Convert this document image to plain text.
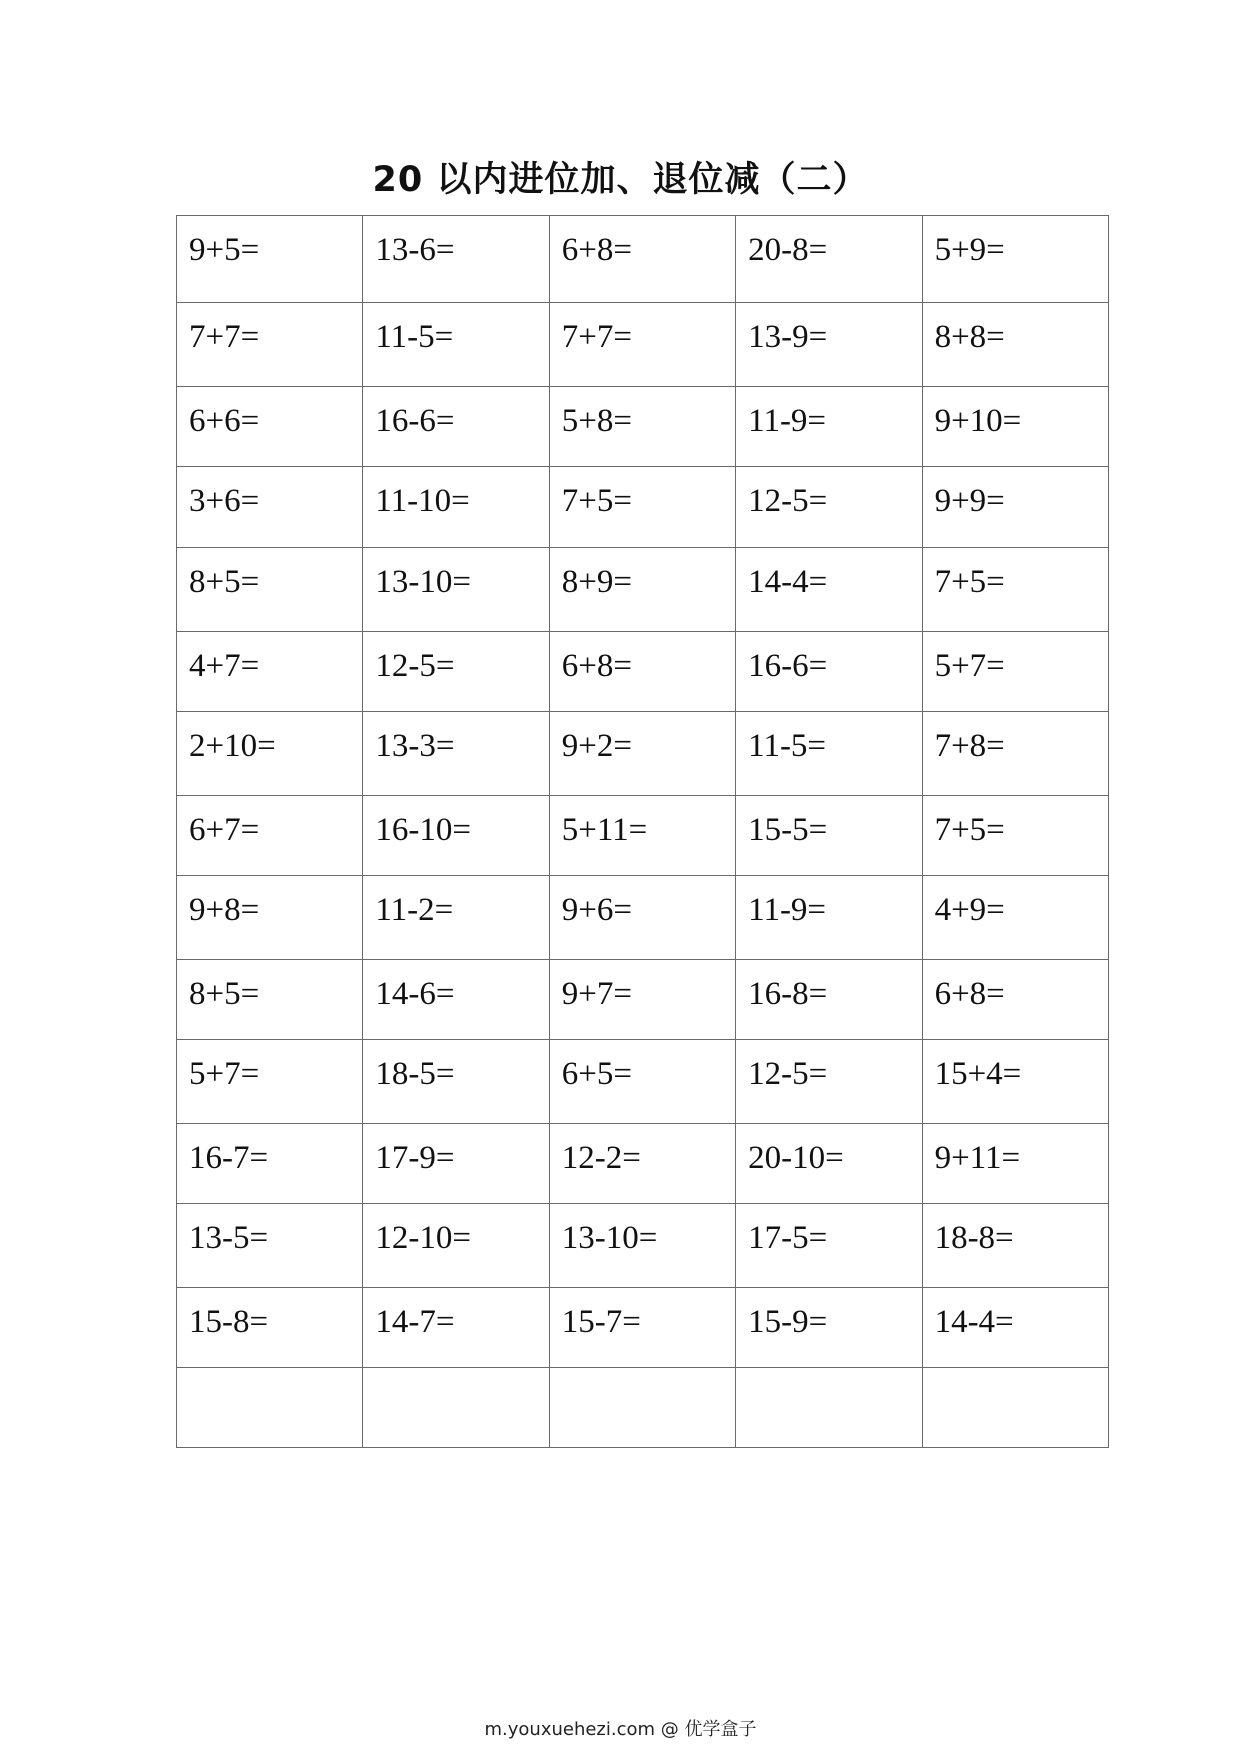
20 以内进位加、退位减（二）
9+5=	13-6=	6+8=	20-8=	5+9=

7+7=	11-5=	7+7=	13-9=	8+8=

6+6=	16-6=	5+8=	11-9=	9+10=

3+6=	11-10=	7+5=	12-5=	9+9=

8+5=	13-10=	8+9=	14-4=	7+5=

4+7=	12-5=	6+8=	16-6=	5+7=

2+10=	13-3=	9+2=	11-5=	7+8=

6+7=	16-10=	5+11=	15-5=	7+5=

9+8=	11-2=	9+6=	11-9=	4+9=

8+5=	14-6=	9+7=	16-8=	6+8=

5+7=	18-5=	6+5=	12-5=	15+4=

16-7=	17-9=	12-2=	20-10=	9+11=

13-5=	12-10=	13-10=	17-5=	18-8=

15-8=	14-7=	15-7=	15-9=	14-4=

m.youxuehezi.com @ 优学盒子
